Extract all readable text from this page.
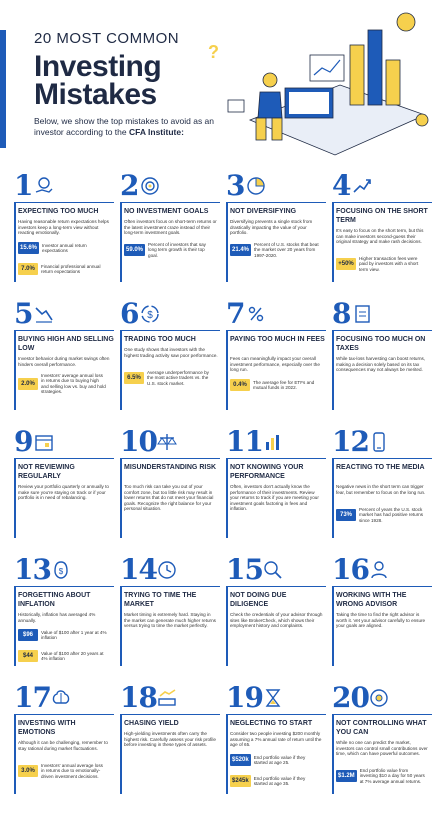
20 MOST COMMON
Investing
Mistakes
Below, we show the top mistakes to avoid as an investor according to the CFA Institute:
?
1
EXPECTING TOO MUCH
Having reasonable return expectations helps investors keep a long-term view without reacting emotionally.
15.6%	Investor annual return expectations
7.0%	Financial professional annual return expectations
2
NO INVESTMENT GOALS
Often investors focus on short-term returns or the latest investment craze instead of their long-term investment goals.
59.0%
Percent of investors that say long term growth is their top goal.
3
NOT DIVERSIFYING
Diversifying prevents a single stock from drastically impacting the value of your portfolio.
21.4%
Percent of U.S. stocks that beat the market over 20 years from 1997-2020.
4
FOCUSING ON THE SHORT TERM
It's easy to focus on the short term, but this can make investors second-guess their original strategy and make rash decisions.
+50%
Higher transaction fees were paid by investors with a short term view.
5
BUYING HIGH AND SELLING LOW
Investor behavior during market swings often hinders overall performance.
2.0%
Investors' average annual loss in returns due to buying high and selling low vs. buy and hold strategies.
6 $
TRADING TOO MUCH
One study shows that investors with the highest trading activity saw poor performance.
6.5%
Average underperformance by the most active traders vs. the U.S. stock market.
7
PAYING TOO MUCH IN FEES
Fees can meaningfully impact your overall investment performance, especially over the long run.
0.4%	The average fee for ETFs and mutual funds in 2022.
8
FOCUSING TOO MUCH ON TAXES
While tax-loss harvesting can boost returns, making a decision solely based on its tax consequences may not always be merited.
9
NOT REVIEWING REGULARLY
Review your portfolio quarterly or annually to make sure you're staying on track or if your portfolio is in need of rebalancing.
10
MISUNDERSTANDING RISK
Too much risk can take you out of your comfort zone, but too little risk may result in lower returns that do not meet your financial goals. Recognize the right balance for your personal situation.
11
NOT KNOWING YOUR PERFORMANCE
Often, investors don't actually know the performance of their investments. Review your returns to track if you are meeting your investment goals factoring in fees and inflation.
12
REACTING TO THE MEDIA
Negative news in the short term can trigger fear, but remember to focus on the long run.
73%
Percent of years the U.S. stock market has had positive returns since 1928.
13 $
FORGETTING ABOUT INFLATION
Historically, inflation has averaged 4% annually.
$96	Value of $100 after 1 year at 4% inflation
$44	Value of $100 after 20 years at 4% inflation
14
TRYING TO TIME THE MARKET
Market timing is extremely hard. Staying in the market can generate much higher returns versus trying to time the market perfectly.
15
NOT DOING DUE DILIGENCE
Check the credentials of your advisor through sites like BrokerCheck, which shows their employment history and complaints.
16
WORKING WITH THE WRONG ADVISOR
Taking the time to find the right advisor is worth it. Vet your advisor carefully to ensure your goals are aligned.
17
INVESTING WITH EMOTIONS
Although it can be challenging, remember to stay rational during market fluctuations.
3.0%
Investors' annual average loss in returns due to emotionally-driven investment decisions.
18
CHASING YIELD
High-yielding investments often carry the highest risk. Carefully assess your risk profile before investing in these types of assets.
19
NEGLECTING TO START
Consider two people investing $200 monthly assuming a 7% annual rate of return until the age of 65.
$520k	End portfolio value if they started at age 25.
$245k	End portfolio value if they started at age 35.
20
NOT CONTROLLING WHAT YOU CAN
While no one can predict the market, investors can control small contributions over time, which can have powerful outcomes.
$1.2M
End portfolio value from investing $10 a day for 50 years at 7% average annual returns.
